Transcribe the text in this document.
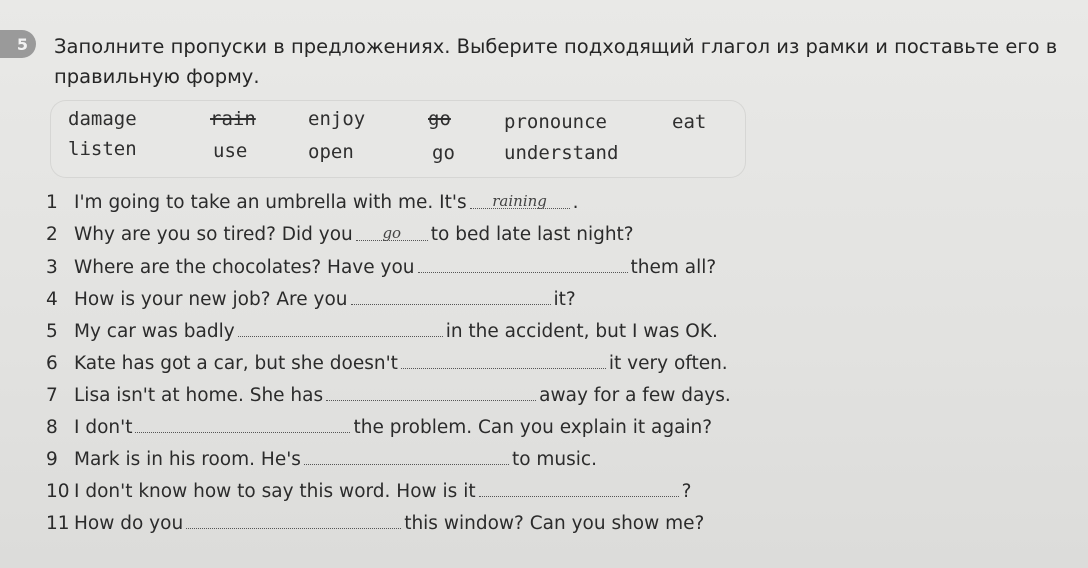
5 Заполните пропуски в предложениях. Выберите подходящий глагол из рамки и поставьте его в правильную форму.
damage	rain	enjoy	go	pronounce	eat
listen	use	open	go	understand
1 I'm going to take an umbrella with me. It's	raining	.
2 Why are you so tired? Did you	go	to bed late last night?
3 Where are the chocolates? Have you	them all?
4 How is your new job? Are you	it?
5 My car was badly	in the accident, but I was OK.
6 Kate has got a car, but she doesn't	it very often.
7 Lisa isn't at home. She has	away for a few days.
8 I don't	the problem. Can you explain it again?
9 Mark is in his room. He's	to music.
10 I don't know how to say this word. How is it	?
11 How do you	this window? Can you show me?
